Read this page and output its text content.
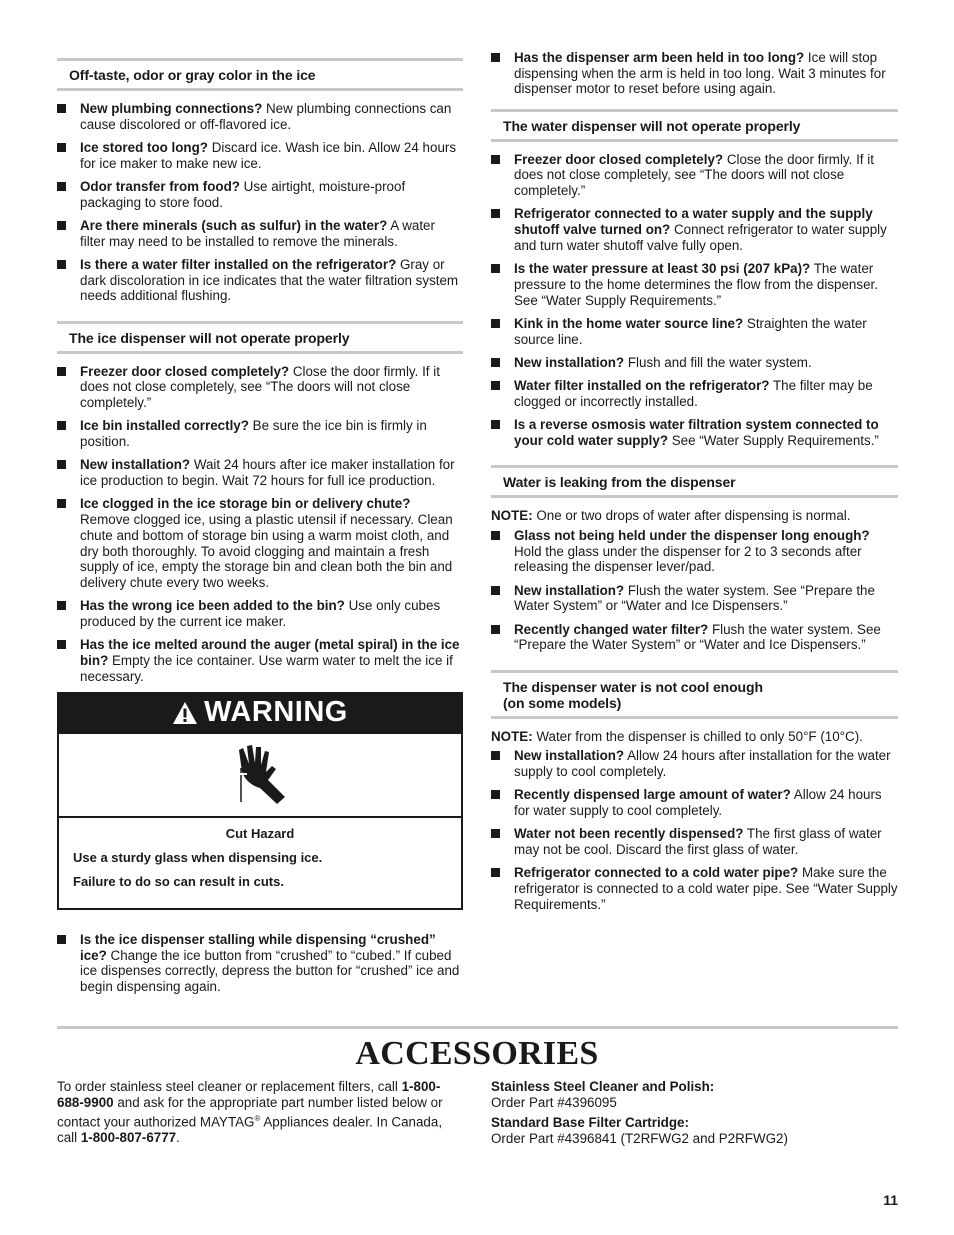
Off-taste, odor or gray color in the ice
New plumbing connections? New plumbing connections can cause discolored or off-flavored ice.
Ice stored too long? Discard ice. Wash ice bin. Allow 24 hours for ice maker to make new ice.
Odor transfer from food? Use airtight, moisture-proof packaging to store food.
Are there minerals (such as sulfur) in the water? A water filter may need to be installed to remove the minerals.
Is there a water filter installed on the refrigerator? Gray or dark discoloration in ice indicates that the water filtration system needs additional flushing.
The ice dispenser will not operate properly
Freezer door closed completely? Close the door firmly. If it does not close completely, see “The doors will not close completely.”
Ice bin installed correctly? Be sure the ice bin is firmly in position.
New installation? Wait 24 hours after ice maker installation for ice production to begin. Wait 72 hours for full ice production.
Ice clogged in the ice storage bin or delivery chute? Remove clogged ice, using a plastic utensil if necessary. Clean chute and bottom of storage bin using a warm moist cloth, and dry both thoroughly. To avoid clogging and maintain a fresh supply of ice, empty the storage bin and clean both the bin and delivery chute every two weeks.
Has the wrong ice been added to the bin? Use only cubes produced by the current ice maker.
Has the ice melted around the auger (metal spiral) in the ice bin? Empty the ice container. Use warm water to melt the ice if necessary.
WARNING
Cut Hazard

Use a sturdy glass when dispensing ice.

Failure to do so can result in cuts.

Is the ice dispenser stalling while dispensing “crushed” ice? Change the ice button from “crushed” to “cubed.” If cubed ice dispenses correctly, depress the button for “crushed” ice and begin dispensing again.
Has the dispenser arm been held in too long? Ice will stop dispensing when the arm is held in too long. Wait 3 minutes for dispenser motor to reset before using again.
The water dispenser will not operate properly
Freezer door closed completely? Close the door firmly. If it does not close completely, see “The doors will not close completely.”
Refrigerator connected to a water supply and the supply shutoff valve turned on? Connect refrigerator to water supply and turn water shutoff valve fully open.
Is the water pressure at least 30 psi (207 kPa)? The water pressure to the home determines the flow from the dispenser. See “Water Supply Requirements.”
Kink in the home water source line? Straighten the water source line.
New installation? Flush and fill the water system.
Water filter installed on the refrigerator? The filter may be clogged or incorrectly installed.
Is a reverse osmosis water filtration system connected to your cold water supply? See “Water Supply Requirements.”
Water is leaking from the dispenser

NOTE: One or two drops of water after dispensing is normal.

Glass not being held under the dispenser long enough? Hold the glass under the dispenser for 2 to 3 seconds after releasing the dispenser lever/pad.
New installation? Flush the water system. See “Prepare the Water System” or “Water and Ice Dispensers.”
Recently changed water filter? Flush the water system. See “Prepare the Water System” or “Water and Ice Dispensers.”
The dispenser water is not cool enough
(on some models)

NOTE: Water from the dispenser is chilled to only 50°F (10°C).

New installation? Allow 24 hours after installation for the water supply to cool completely.
Recently dispensed large amount of water? Allow 24 hours for water supply to cool completely.
Water not been recently dispensed? The first glass of water may not be cool. Discard the first glass of water.
Refrigerator connected to a cold water pipe? Make sure the refrigerator is connected to a cold water pipe. See “Water Supply Requirements.”
ACCESSORIES
To order stainless steel cleaner or replacement filters, call 1-800-688-9900 and ask for the appropriate part number listed below or contact your authorized MAYTAG® Appliances dealer. In Canada, call 1-800-807-6777.

Stainless Steel Cleaner and Polish:
Order Part #4396095

Standard Base Filter Cartridge:
Order Part #4396841 (T2RFWG2 and P2RFWG2)

11
